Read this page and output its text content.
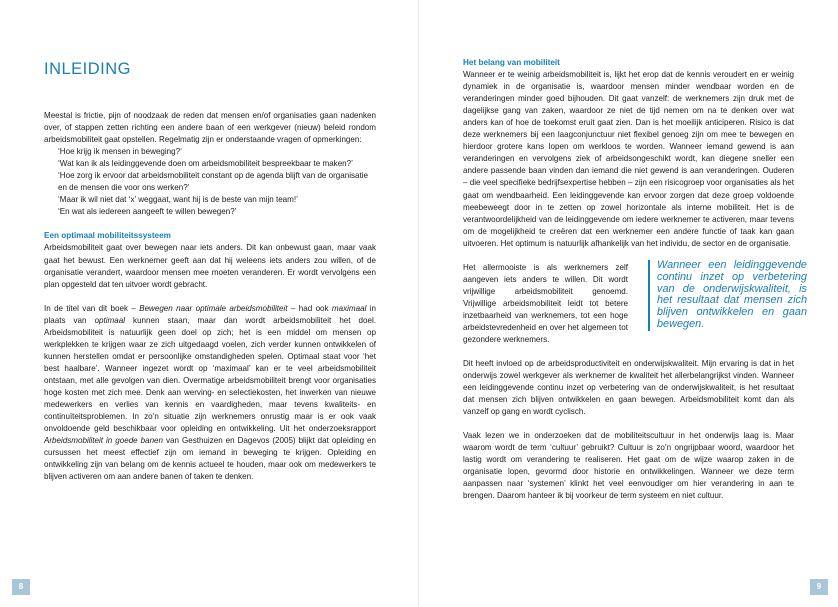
INLEIDING

Meestal is frictie, pijn of noodzaak de reden dat mensen en/of organisaties gaan nadenken over, of stappen zetten richting een andere baan of een werkgever (nieuw) beleid rondom arbeidsmobiliteit gaat opstellen. Regelmatig zijn er onderstaande vragen of opmerkingen:

‘Hoe krijg ik mensen in beweging?’

‘Wat kan ik als leidinggevende doen om arbeidsmobiliteit bespreekbaar te maken?’

‘Hoe zorg ik ervoor dat arbeidsmobiliteit constant op de agenda blijft van de organisatie en de mensen die voor ons werken?’

‘Maar ik wil niet dat ‘x’ weggaat, want hij is de beste van mijn team!’

‘En wat als iedereen aangeeft te willen bewegen?’

Een optimaal mobiliteitssysteem

Arbeidsmobiliteit gaat over bewegen naar iets anders. Dit kan onbewust gaan, maar vaak gaat het bewust. Een werknemer geeft aan dat hij weleens iets anders zou willen, of de organisatie verandert, waardoor mensen mee moeten veranderen. Er wordt vervolgens een plan opgesteld dat ten uitvoer wordt gebracht.

In de titel van dit boek – Bewegen naar optimale arbeidsmobiliteit – had ook maximaal in plaats van optimaal kunnen staan, maar dan wordt arbeidsmobiliteit het doel. Arbeidsmobiliteit is natuurlijk geen doel op zich; het is een middel om mensen op werkplekken te krijgen waar ze zich uitgedaagd voelen, zich verder kunnen ontwikkelen of kunnen herstellen omdat er persoonlijke omstandigheden spelen. Optimaal staat voor ‘het best haalbare’. Wanneer ingezet wordt op ‘maximaal’ kan er te veel arbeidsmobiliteit ontstaan, met alle gevolgen van dien. Overmatige arbeidsmobiliteit brengt voor organisaties hoge kosten met zich mee. Denk aan werving- en selectiekosten, het inwerken van nieuwe medewerkers en verlies van kennis en vaardigheden, maar tevens kwaliteits- en continuïteitsproblemen. In zo’n situatie zijn werknemers onrustig maar is er ook vaak onvoldoende geld beschikbaar voor opleiding en ontwikkeling. Uit het onderzoeksrapport Arbeidsmobiliteit in goede banen van Gesthuizen en Dagevos (2005) blijkt dat opleiding en cursussen het meest effectief zijn om iemand in beweging te krijgen. Opleiding en ontwikkeling zijn van belang om de kennis actueel te houden, maar ook om medewerkers te blijven activeren om aan andere banen of taken te denken.

8
Het belang van mobiliteit

Wanneer er te weinig arbeidsmobiliteit is, lijkt het erop dat de kennis veroudert en er weinig dynamiek in de organisatie is, waardoor mensen minder wendbaar worden en de veranderingen minder goed bijhouden. Dit gaat vanzelf: de werknemers zijn druk met de dagelijkse gang van zaken, waardoor ze niet de tijd nemen om na te denken over wat anders kan of hoe de toekomst eruit gaat zien. Dan is het moeilijk anticiperen. Risico is dat deze werknemers bij een laagconjunctuur niet flexibel genoeg zijn om mee te bewegen en hierdoor grotere kans lopen om werkloos te worden. Wanneer iemand gewend is aan veranderingen en vervolgens ziek of arbeidsongeschikt wordt, kan diegene sneller een andere passende baan vinden dan iemand die niet gewend is aan veranderingen. Ouderen – die veel specifieke bedrijfsexpertise hebben – zijn een risicogroep voor organisaties als het gaat om wendbaarheid. Een leidinggevende kan ervoor zorgen dat deze groep voldoende meebeweegt door in te zetten op zowel horizontale als interne mobiliteit. Het is de verantwoordelijkheid van de leidinggevende om iedere werknemer te activeren, maar tevens om de mogelijkheid te creëren dat een werknemer een andere functie of taak kan gaan uitvoeren. Het optimum is natuurlijk afhankelijk van het individu, de sector en de organisatie.

Het allermooiste is als werknemers zelf aangeven iets anders te willen. Dit wordt vrijwillige arbeidsmobiliteit genoemd. Vrijwillige arbeidsmobiliteit leidt tot betere inzetbaarheid van werknemers, tot een hoge arbeidstevredenheid en over het algemeen tot gezondere werknemers.

Wanneer een leidinggevende continu inzet op verbetering van de onderwijskwaliteit, is het resultaat dat mensen zich blijven ontwikkelen en gaan bewegen.

Dit heeft invloed op de arbeidsproductiviteit en onderwijskwaliteit. Mijn ervaring is dat in het onderwijs zowel werkgever als werknemer de kwaliteit het allerbelangrijkst vinden. Wanneer een leidinggevende continu inzet op verbetering van de onderwijskwaliteit, is het resultaat dat mensen zich blijven ontwikkelen en gaan bewegen. Arbeidsmobiliteit komt dan als vanzelf op gang en wordt cyclisch.

Vaak lezen we in onderzoeken dat de mobiliteitscultuur in het onderwijs laag is. Maar waarom wordt de term ‘cultuur’ gebruikt? Cultuur is zo’n ongrijpbaar woord, waardoor het lastig wordt om verandering te realiseren. Het gaat om de wijze waarop zaken in de organisatie lopen, gevormd door historie en ontwikkelingen. Wanneer we deze term aanpassen naar ‘systemen’ klinkt het veel eenvoudiger om hier verandering in aan te brengen. Daarom hanteer ik bij voorkeur de term systeem en niet cultuur.

9
